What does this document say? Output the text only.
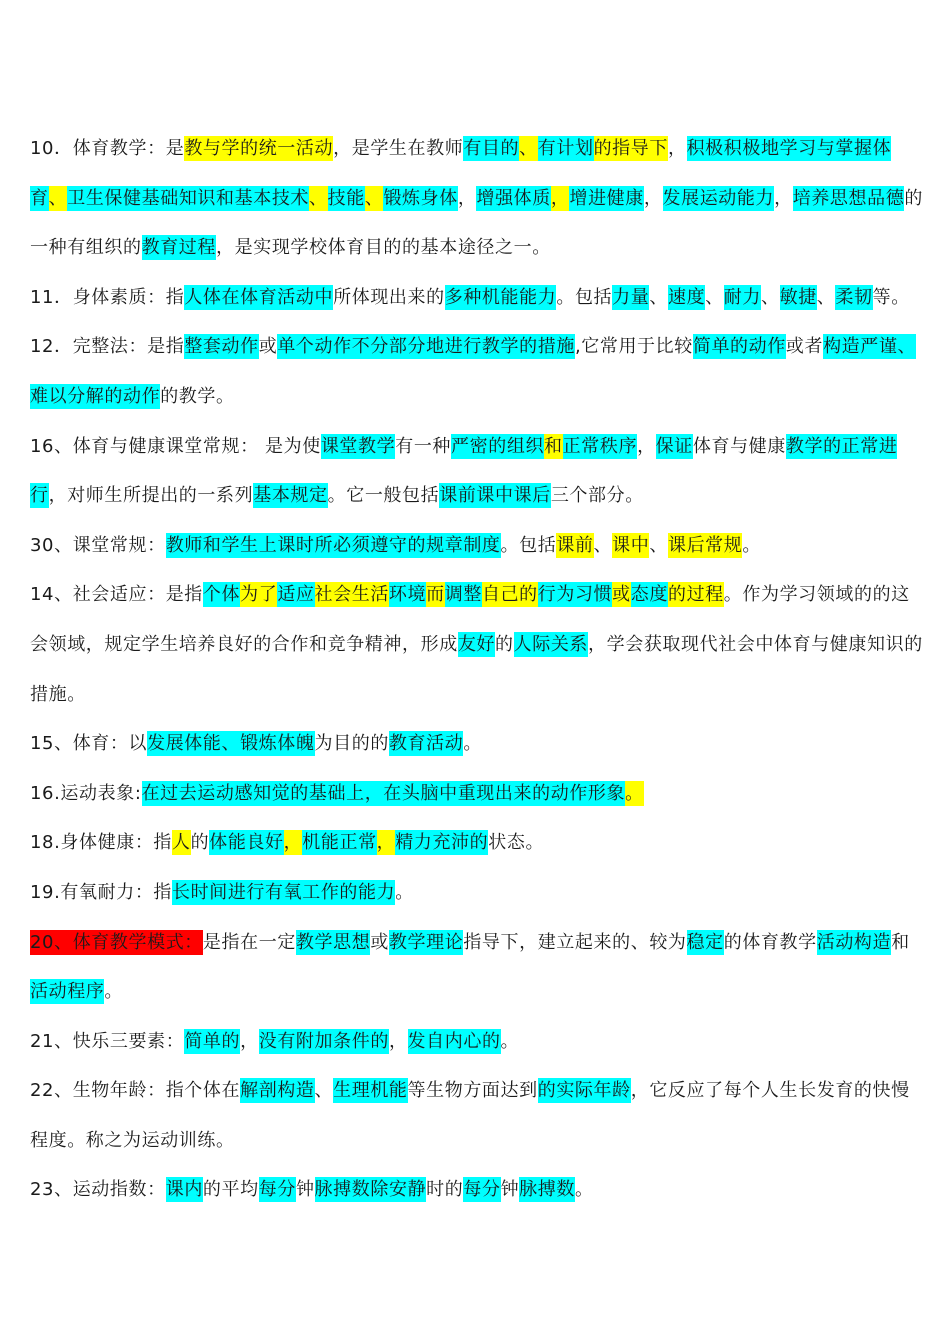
10．体育教学：是教与学的统一活动，是学生在教师有目的、有计划的指导下，积极积极地学习与掌握体育、卫生保健基础知识和基本技术、技能、锻炼身体，增强体质，增进健康，发展运动能力，培养思想品德的一种有组织的教育过程，是实现学校体育目的的基本途径之一。

11．身体素质：指人体在体育活动中所体现出来的多种机能能力。包括力量、速度、耐力、敏捷、柔韧等。

12．完整法：是指整套动作或单个动作不分部分地进行教学的措施,它常用于比较简单的动作或者构造严谨、难以分解的动作的教学。

16、体育与健康课堂常规： 是为使课堂教学有一种严密的组织和正常秩序，保证体育与健康教学的正常进行，对师生所提出的一系列基本规定。它一般包括课前课中课后三个部分。

30、课堂常规：教师和学生上课时所必须遵守的规章制度。包括课前、课中、课后常规。

14、社会适应：是指个体为了适应社会生活环境而调整自己的行为习惯或态度的过程。作为学习领域的的这会领域，规定学生培养良好的合作和竞争精神，形成友好的人际关系，学会获取现代社会中体育与健康知识的措施。

15、体育：以发展体能、锻炼体魄为目的的教育活动。

16.运动表象:在过去运动感知觉的基础上，在头脑中重现出来的动作形象。

18.身体健康：指人的体能良好，机能正常，精力充沛的状态。

19.有氧耐力：指长时间进行有氧工作的能力。

20、体育教学模式：是指在一定教学思想或教学理论指导下，建立起来的、较为稳定的体育教学活动构造和活动程序。

21、快乐三要素：简单的，没有附加条件的，发自内心的。

22、生物年龄：指个体在解剖构造、生理机能等生物方面达到的实际年龄，它反应了每个人生长发育的快慢程度。称之为运动训练。

23、运动指数：课内的平均每分钟脉搏数除安静时的每分钟脉搏数。
